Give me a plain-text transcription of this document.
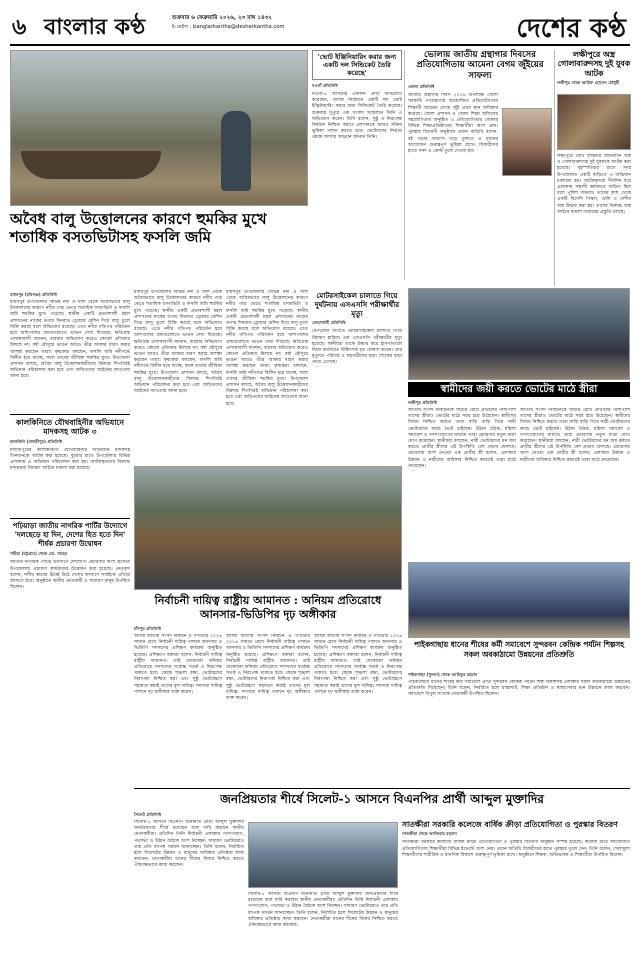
৬ বাংলার কণ্ঠ	শুক্রবার ৬ ফেব্রুয়ারি ২০২৬, ২৩ মাঘ ১৪৩২
ই-মেইল : banglarkantha@desherkantha.com	দেশের কণ্ঠ
'ভোট ইঞ্জিনিয়ারিং করার জন্য একটি দল সিন্ডিকেট তৈরি করেছে'
নওগাঁ প্রতিনিধি
নওগাঁ-৫ আসনের একজন প্রার্থী অভিযোগ করেছেন, আসন্ন নির্বাচনে একটি দল ভোট ইঞ্জিনিয়ারিং করার জন্য সিন্ডিকেট তৈরি করেছে। শুক্রবার দুপুরে এক সংবাদ সম্মেলনে তিনি এ অভিযোগ করেন। তিনি বলেন, সুষ্ঠু ও নিরপেক্ষ নির্বাচন নিশ্চিত করতে প্রশাসনকে আরও সক্রিয় ভূমিকা পালন করতে হবে। ভোটারদের নির্ভয়ে কেন্দ্রে আসার আহ্বান জানান তিনি।
ভোলায় জাতীয় গ্রন্থাগার দিবসের প্রতিযোগিতায় আমেনা বেগম জুঁইয়ের সাফল্য
ভোলা প্রতিনিধি
জাতীয় গ্রন্থাগার দিবস ২০২৬ উপলক্ষে জেলা সরকারি গণগ্রন্থাগার আয়োজিত প্রতিযোগিতায় শিক্ষার্থী আমেনা বেগম জুঁই প্রথম স্থান অধিকার করেছে। জেলা প্রশাসন ও জেলা শিক্ষা অফিসের সহযোগিতায় অনুষ্ঠিত এ প্রতিযোগিতায় জেলার বিভিন্ন শিক্ষাপ্রতিষ্ঠানের শিক্ষার্থীরা অংশ নেয়। পুরস্কার বিতরণী অনুষ্ঠানে প্রধান অতিথি বলেন, বই পড়ার অভ্যাস গড়ে তুলতে এ ধরনের আয়োজন গুরুত্বপূর্ণ ভূমিকা রাখে। বিজয়ীদের হাতে সনদ ও ক্রেস্ট তুলে দেওয়া হয়।
লক্ষীপুরে অস্ত্র গোলাবারুদসহ দুই যুবক আটক
লক্ষীপুর থেকে আরিফ হোসেন চৌধুরী
লক্ষীপুরে যৌথ বাহিনীর অভিযানে অস্ত্র ও গোলাবারুদসহ দুই যুবককে আটক করা হয়েছে। বৃহস্পতিবার রাতে সদর উপজেলার একটি বাড়িতে এ অভিযান চালানো হয়। আটককৃতরা দীর্ঘদিন ধরে এলাকায় সন্ত্রাসী কর্মকাণ্ডে জড়িত ছিল বলে পুলিশ জানায়। তাদের কাছ থেকে একটি বিদেশি পিস্তল, গুলি ও দেশীয় অস্ত্র উদ্ধার করা হয়। তাদের বিরুদ্ধে অস্ত্র আইনে মামলা দায়েরের প্রস্তুতি চলছে।
অবৈধ বালু উত্তোলনের কারণে হুমকির মুখে শতাধিক বসতভিটাসহ ফসলি জমি
মাধবপুর (হবিগঞ্জ) প্রতিনিধি
মাধবপুর উপজেলার বিভিন্ন নদী ও খাল থেকে অবৈধভাবে বালু উত্তোলনের কারণে নদীর পাড় ভেঙে শতাধিক বসতভিটা ও ফসলি জমি হুমকির মুখে পড়েছে। স্থানীয় একটি প্রভাবশালী মহল প্রশাসনের নাকের ডগায় দিনরাত ড্রেজার মেশিন দিয়ে বালু তুলে বিক্রি করছে বলে অভিযোগ রয়েছে। এতে নদীর গতিপথ পরিবর্তন হয়ে আশপাশের গ্রামগুলোতে ভাঙন দেখা দিয়েছে। ক্ষতিগ্রস্ত এলাকাবাসী জানান, বারবার অভিযোগ করেও কোনো প্রতিকার মিলছে না। বর্ষা মৌসুমে ভাঙন আরও তীব্র আকার ধারণ করার আশঙ্কা করছেন তারা। কৃষকেরা বলছেন, ফসলি জমি নদীগর্ভে বিলীন হয়ে যাচ্ছে, ফলে তাদের জীবিকা হুমকির মুখে। উপজেলা প্রশাসন বলছে, অবৈধ বালু উত্তোলনকারীদের বিরুদ্ধে শিগগিরই অভিযান পরিচালনা করা হবে এবং জড়িতদের আইনের আওতায় আনা হবে।
মাধবপুর উপজেলার বিভিন্ন নদী ও খাল থেকে অবৈধভাবে বালু উত্তোলনের কারণে নদীর পাড় ভেঙে শতাধিক বসতভিটা ও ফসলি জমি হুমকির মুখে পড়েছে। স্থানীয় একটি প্রভাবশালী মহল প্রশাসনের নাকের ডগায় দিনরাত ড্রেজার মেশিন দিয়ে বালু তুলে বিক্রি করছে বলে অভিযোগ রয়েছে। এতে নদীর গতিপথ পরিবর্তন হয়ে আশপাশের গ্রামগুলোতে ভাঙন দেখা দিয়েছে। ক্ষতিগ্রস্ত এলাকাবাসী জানান, বারবার অভিযোগ করেও কোনো প্রতিকার মিলছে না। বর্ষা মৌসুমে ভাঙন আরও তীব্র আকার ধারণ করার আশঙ্কা করছেন তারা। কৃষকেরা বলছেন, ফসলি জমি নদীগর্ভে বিলীন হয়ে যাচ্ছে, ফলে তাদের জীবিকা হুমকির মুখে। উপজেলা প্রশাসন বলছে, অবৈধ বালু উত্তোলনকারীদের বিরুদ্ধে শিগগিরই অভিযান পরিচালনা করা হবে এবং জড়িতদের আইনের আওতায় আনা হবে।
মাধবপুর উপজেলার বিভিন্ন নদী ও খাল থেকে অবৈধভাবে বালু উত্তোলনের কারণে নদীর পাড় ভেঙে শতাধিক বসতভিটা ও ফসলি জমি হুমকির মুখে পড়েছে। স্থানীয় একটি প্রভাবশালী মহল প্রশাসনের নাকের ডগায় দিনরাত ড্রেজার মেশিন দিয়ে বালু তুলে বিক্রি করছে বলে অভিযোগ রয়েছে। এতে নদীর গতিপথ পরিবর্তন হয়ে আশপাশের গ্রামগুলোতে ভাঙন দেখা দিয়েছে। ক্ষতিগ্রস্ত এলাকাবাসী জানান, বারবার অভিযোগ করেও কোনো প্রতিকার মিলছে না। বর্ষা মৌসুমে ভাঙন আরও তীব্র আকার ধারণ করার আশঙ্কা করছেন তারা। কৃষকেরা বলছেন, ফসলি জমি নদীগর্ভে বিলীন হয়ে যাচ্ছে, ফলে তাদের জীবিকা হুমকির মুখে। উপজেলা প্রশাসন বলছে, অবৈধ বালু উত্তোলনকারীদের বিরুদ্ধে শিগগিরই অভিযান পরিচালনা করা হবে এবং জড়িতদের আইনের আওতায় আনা হবে।
কালকিনিতে যৌথবাহিনীর অভিযানে মাদকসহ আটক ৩
কালকিনি (মাদারীপুর) প্রতিনিধি
মাদারীপুরের কালকিনিতে যৌথবাহিনীর অভিযানে মাদকসহ তিনজনকে আটক করা হয়েছে। বুধবার রাতে উপজেলার বিভিন্ন এলাকায় এ অভিযান পরিচালনা করা হয়। আটককৃতদের বিরুদ্ধে মাদকদ্রব্য নিয়ন্ত্রণ আইনে মামলা করা হয়েছে।
মোটরসাইকেল চালাতে গিয়ে দুর্ঘটনায় এসএসসি পরীক্ষার্থীর মৃত্যু
নোয়াখালী প্রতিনিধি
বেপরোয়া গতিতে মোটরসাইকেল চালাতে গিয়ে নিয়ন্ত্রণ হারিয়ে এক এসএসসি পরীক্ষার্থীর মৃত্যু হয়েছে। স্থানীয়রা তাকে উদ্ধার করে হাসপাতালে নিলে কর্তব্যরত চিকিৎসক মৃত ঘোষণা করেন। তার মৃত্যুতে পরিবার ও সহপাঠীদের মধ্যে শোকের ছায়া নেমে এসেছে।
স্বামীদের জয়ী করতে ভোটের মাঠে স্ত্রীরা
লক্ষীপুর প্রতিনিধি
জাতীয় সংসদ নির্বাচনকে সামনে রেখে প্রার্থীদের পাশাপাশি তাদের স্ত্রীরাও ভোটের মাঠে সরব হয়ে উঠেছেন। স্বামীদের বিজয় নিশ্চিত করতে তারা বাড়ি বাড়ি গিয়ে নারী ভোটারদের কাছে ভোট চাইছেন। উঠান বৈঠক, মহিলা সমাবেশ ও গণসংযোগের মাধ্যমে তারা প্রচারণায় নতুন মাত্রা যোগ করেছেন। স্থানীয়রা বলছেন, নারী ভোটারদের মন জয় করতে প্রার্থীর স্ত্রীদের এই উপস্থিতি বেশ প্রভাব ফেলছে। প্রচারণায় অংশ নেওয়া এক প্রার্থীর স্ত্রী বলেন, এলাকার উন্নয়ন ও নারীদের অধিকার নিশ্চিত করতেই তারা মাঠে নেমেছেন।
জাতীয় সংসদ নির্বাচনকে সামনে রেখে প্রার্থীদের পাশাপাশি তাদের স্ত্রীরাও ভোটের মাঠে সরব হয়ে উঠেছেন। স্বামীদের বিজয় নিশ্চিত করতে তারা বাড়ি বাড়ি গিয়ে নারী ভোটারদের কাছে ভোট চাইছেন। উঠান বৈঠক, মহিলা সমাবেশ ও গণসংযোগের মাধ্যমে তারা প্রচারণায় নতুন মাত্রা যোগ করেছেন। স্থানীয়রা বলছেন, নারী ভোটারদের মন জয় করতে প্রার্থীর স্ত্রীদের এই উপস্থিতি বেশ প্রভাব ফেলছে। প্রচারণায় অংশ নেওয়া এক প্রার্থীর স্ত্রী বলেন, এলাকার উন্নয়ন ও নারীদের অধিকার নিশ্চিত করতেই তারা মাঠে নেমেছেন।
পঢ়িয়াড়া জাতীয় নাগরিক পার্টির উদ্যোগে 'দলছেড়ে হা দিন, দেশের হিত হতে দিন' শীর্ষক প্রচারণা উদ্বোধন
পটিয়া (চট্টগ্রাম) থেকে মো. সাহেব
জাতীয় নাগরিক পার্টির উদ্যোগে দেশব্যাপী প্রচারণার অংশ হিসেবে উপজেলায় প্রচারণা কার্যক্রমের উদ্বোধন করা হয়েছে। নেতৃবৃন্দ বলেন, দলীয় স্বার্থের ঊর্ধ্বে উঠে দেশের কল্যাণে সবাইকে এগিয়ে আসতে হবে। অনুষ্ঠানে স্থানীয় নেতাকর্মী ও সাধারণ মানুষ উপস্থিত ছিলেন।
নির্বাচনী দায়িত্ব রাষ্ট্রীয় আমানত : অনিয়ম প্রতিরোধে আনসার-ভিডিপির দৃঢ় অঙ্গীকার
চাঁদপুর প্রতিনিধি
আসন্ন জাতীয় সংসদ নির্বাচন ও গণভোট ২০২৬ সামনে রেখে নির্বাচনী দায়িত্ব পালনে আনসার ও ভিডিপি সদস্যদের প্রশিক্ষণ কার্যক্রম অনুষ্ঠিত হয়েছে। প্রশিক্ষণে বক্তারা বলেন, নির্বাচনী দায়িত্ব রাষ্ট্রীয় আমানত। তাই যেকোনো অনিয়ম প্রতিরোধে সদস্যদের সর্বোচ্চ সতর্ক ও নিরপেক্ষ থাকতে হবে। কেন্দ্রে শৃঙ্খলা রক্ষা, ভোটারদের নিরাপত্তা নিশ্চিত করা এবং সুষ্ঠু ভোটগ্রহণে সহায়তা করাই তাদের মূল দায়িত্ব। সদস্যরা দায়িত্ব পালনে দৃঢ় অঙ্গীকার ব্যক্ত করেন।
আসন্ন জাতীয় সংসদ নির্বাচন ও গণভোট ২০২৬ সামনে রেখে নির্বাচনী দায়িত্ব পালনে আনসার ও ভিডিপি সদস্যদের প্রশিক্ষণ কার্যক্রম অনুষ্ঠিত হয়েছে। প্রশিক্ষণে বক্তারা বলেন, নির্বাচনী দায়িত্ব রাষ্ট্রীয় আমানত। তাই যেকোনো অনিয়ম প্রতিরোধে সদস্যদের সর্বোচ্চ সতর্ক ও নিরপেক্ষ থাকতে হবে। কেন্দ্রে শৃঙ্খলা রক্ষা, ভোটারদের নিরাপত্তা নিশ্চিত করা এবং সুষ্ঠু ভোটগ্রহণে সহায়তা করাই তাদের মূল দায়িত্ব। সদস্যরা দায়িত্ব পালনে দৃঢ় অঙ্গীকার ব্যক্ত করেন।
আসন্ন জাতীয় সংসদ নির্বাচন ও গণভোট ২০২৬ সামনে রেখে নির্বাচনী দায়িত্ব পালনে আনসার ও ভিডিপি সদস্যদের প্রশিক্ষণ কার্যক্রম অনুষ্ঠিত হয়েছে। প্রশিক্ষণে বক্তারা বলেন, নির্বাচনী দায়িত্ব রাষ্ট্রীয় আমানত। তাই যেকোনো অনিয়ম প্রতিরোধে সদস্যদের সর্বোচ্চ সতর্ক ও নিরপেক্ষ থাকতে হবে। কেন্দ্রে শৃঙ্খলা রক্ষা, ভোটারদের নিরাপত্তা নিশ্চিত করা এবং সুষ্ঠু ভোটগ্রহণে সহায়তা করাই তাদের মূল দায়িত্ব। সদস্যরা দায়িত্ব পালনে দৃঢ় অঙ্গীকার ব্যক্ত করেন।
পাইকগাছায় ধানের শীষের কর্মী সমাবেশে সুন্দরবন কেন্দ্রিক পর্যটন শিল্পসহ সকল অবকাঠামো উন্নয়নের প্রতিশ্রুতি
পাইকগাছা (খুলনা) থেকে আরিফুর রহমান
পাইকগাছায় ধানের শীষের কর্মী সমাবেশে প্রার্থী সুন্দরবন কেন্দ্রিক পর্যটন শিল্প বিকাশসহ এলাকার সকল অবকাঠামো উন্নয়নের প্রতিশ্রুতি দিয়েছেন। তিনি বলেন, নির্বাচিত হলে রাস্তাঘাট, শিক্ষা প্রতিষ্ঠান ও স্বাস্থ্যসেবার মান উন্নয়নে কাজ করবেন। সমাবেশে বিপুল সংখ্যক নেতাকর্মী উপস্থিত ছিলেন।
জনপ্রিয়তার শীর্ষে সিলেট-১ আসনে বিএনপির প্রার্থী আব্দুল মুক্তাদির
সিলেট প্রতিনিধি
সিলেট-১ আসনে বিএনপি মনোনীত প্রার্থী আব্দুল মুক্তাদির জনপ্রিয়তার শীর্ষে রয়েছেন বলে দাবি করছেন স্থানীয় নেতাকর্মীরা। প্রতিদিন তিনি নির্বাচনী এলাকায় গণসংযোগ, পথসভা ও উঠান বৈঠকে অংশ নিচ্ছেন। সাধারণ ভোটাররাও তার প্রতি ব্যাপক সমর্থন জানাচ্ছেন। তিনি বলেন, নির্বাচিত হলে সিলেটের উন্নয়ন ও মানুষের অধিকার প্রতিষ্ঠায় কাজ করবেন। নেতাকর্মীরা ধানের শীষের বিজয় নিশ্চিত করতে ঐক্যবদ্ধভাবে কাজ করছেন।
সিলেট-১ আসনে বিএনপি মনোনীত প্রার্থী আব্দুল মুক্তাদির জনপ্রিয়তার শীর্ষে রয়েছেন বলে দাবি করছেন স্থানীয় নেতাকর্মীরা। প্রতিদিন তিনি নির্বাচনী এলাকায় গণসংযোগ, পথসভা ও উঠান বৈঠকে অংশ নিচ্ছেন। সাধারণ ভোটাররাও তার প্রতি ব্যাপক সমর্থন জানাচ্ছেন। তিনি বলেন, নির্বাচিত হলে সিলেটের উন্নয়ন ও মানুষের অধিকার প্রতিষ্ঠায় কাজ করবেন। নেতাকর্মীরা ধানের শীষের বিজয় নিশ্চিত করতে ঐক্যবদ্ধভাবে কাজ করছেন।
সাতক্ষীরা সরকারি কলেজে বার্ষিক ক্রীড়া প্রতিযোগিতা ও পুরস্কার বিতরণ
সাতক্ষীরা থেকে আজিবার রহমান
সাতক্ষীরা সরকারি কলেজে বার্ষিক ক্রীড়া প্রতিযোগিতা ও পুরস্কার বিতরণী অনুষ্ঠান সম্পন্ন হয়েছে। কলেজ মাঠে আয়োজিত প্রতিযোগিতায় শিক্ষার্থীরা বিভিন্ন ইভেন্টে অংশ নেয়। প্রধান অতিথি বিজয়ীদের হাতে পুরস্কার তুলে দেন। তিনি বলেন, খেলাধুলা শিক্ষার্থীদের শারীরিক ও মানসিক বিকাশে গুরুত্বপূর্ণ ভূমিকা রাখে। অনুষ্ঠানে শিক্ষক, অভিভাবক ও শিক্ষার্থীরা উপস্থিত ছিলেন।
